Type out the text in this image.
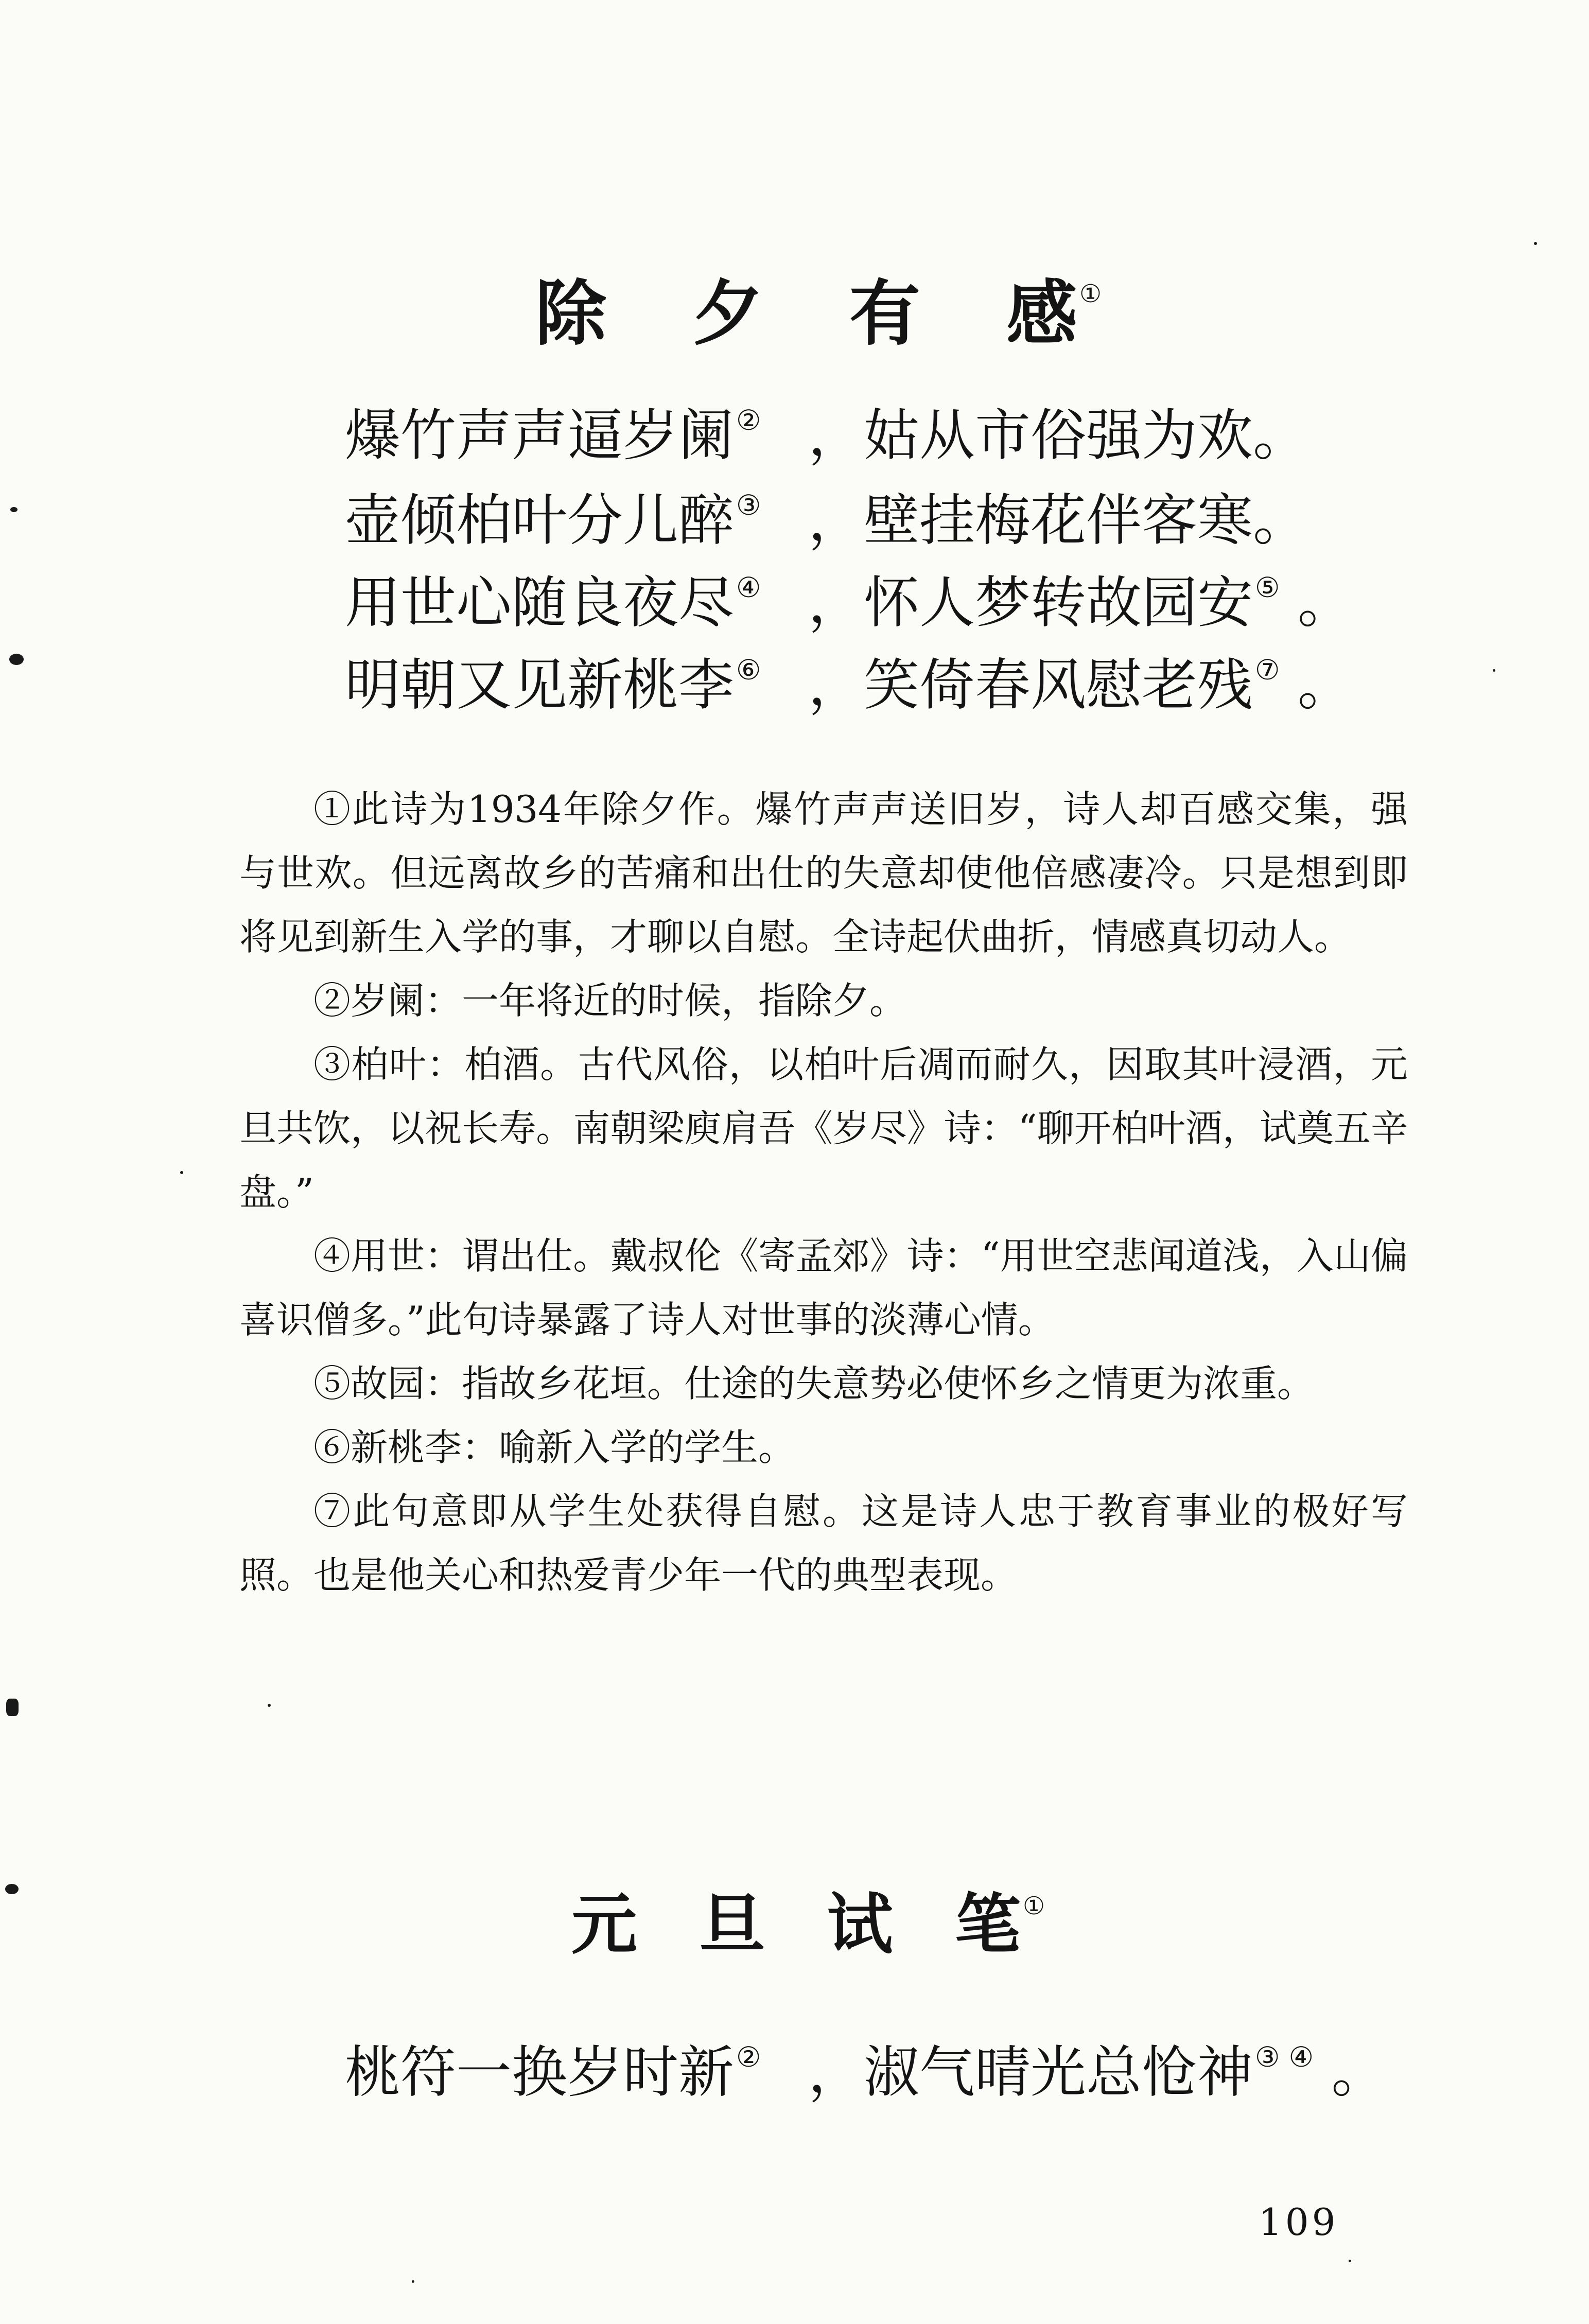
除 夕 有 感①
爆竹声声逼岁阑② ，姑从市俗强为欢。
壶倾柏叶分儿醉③ ，壁挂梅花伴客寒。
用世心随良夜尽④ ，怀人梦转故园安⑤ 。
明朝又见新桃李⑥ ，笑倚春风慰老残⑦ 。

①此诗为1934年除夕作。爆竹声声送旧岁，诗人却百感交集，强与世欢。但远离故乡的苦痛和出仕的失意却使他倍感凄冷。只是想到即将见到新生入学的事，才聊以自慰。全诗起伏曲折，情感真切动人。

②岁阑：一年将近的时候，指除夕。

③柏叶：柏酒。古代风俗，以柏叶后凋而耐久，因取其叶浸酒，元旦共饮，以祝长寿。南朝梁庾肩吾《岁尽》诗：“聊开柏叶酒，试奠五辛盘。”

④用世：谓出仕。戴叔伦《寄孟郊》诗：“用世空悲闻道浅，入山偏喜识僧多。”此句诗暴露了诗人对世事的淡薄心情。

⑤故园：指故乡花垣。仕途的失意势必使怀乡之情更为浓重。

⑥新桃李：喻新入学的学生。

⑦此句意即从学生处获得自慰。这是诗人忠于教育事业的极好写照。也是他关心和热爱青少年一代的典型表现。

元 旦 试 笔①
桃符一换岁时新② ，淑气晴光总怆神③ ④ 。
109
